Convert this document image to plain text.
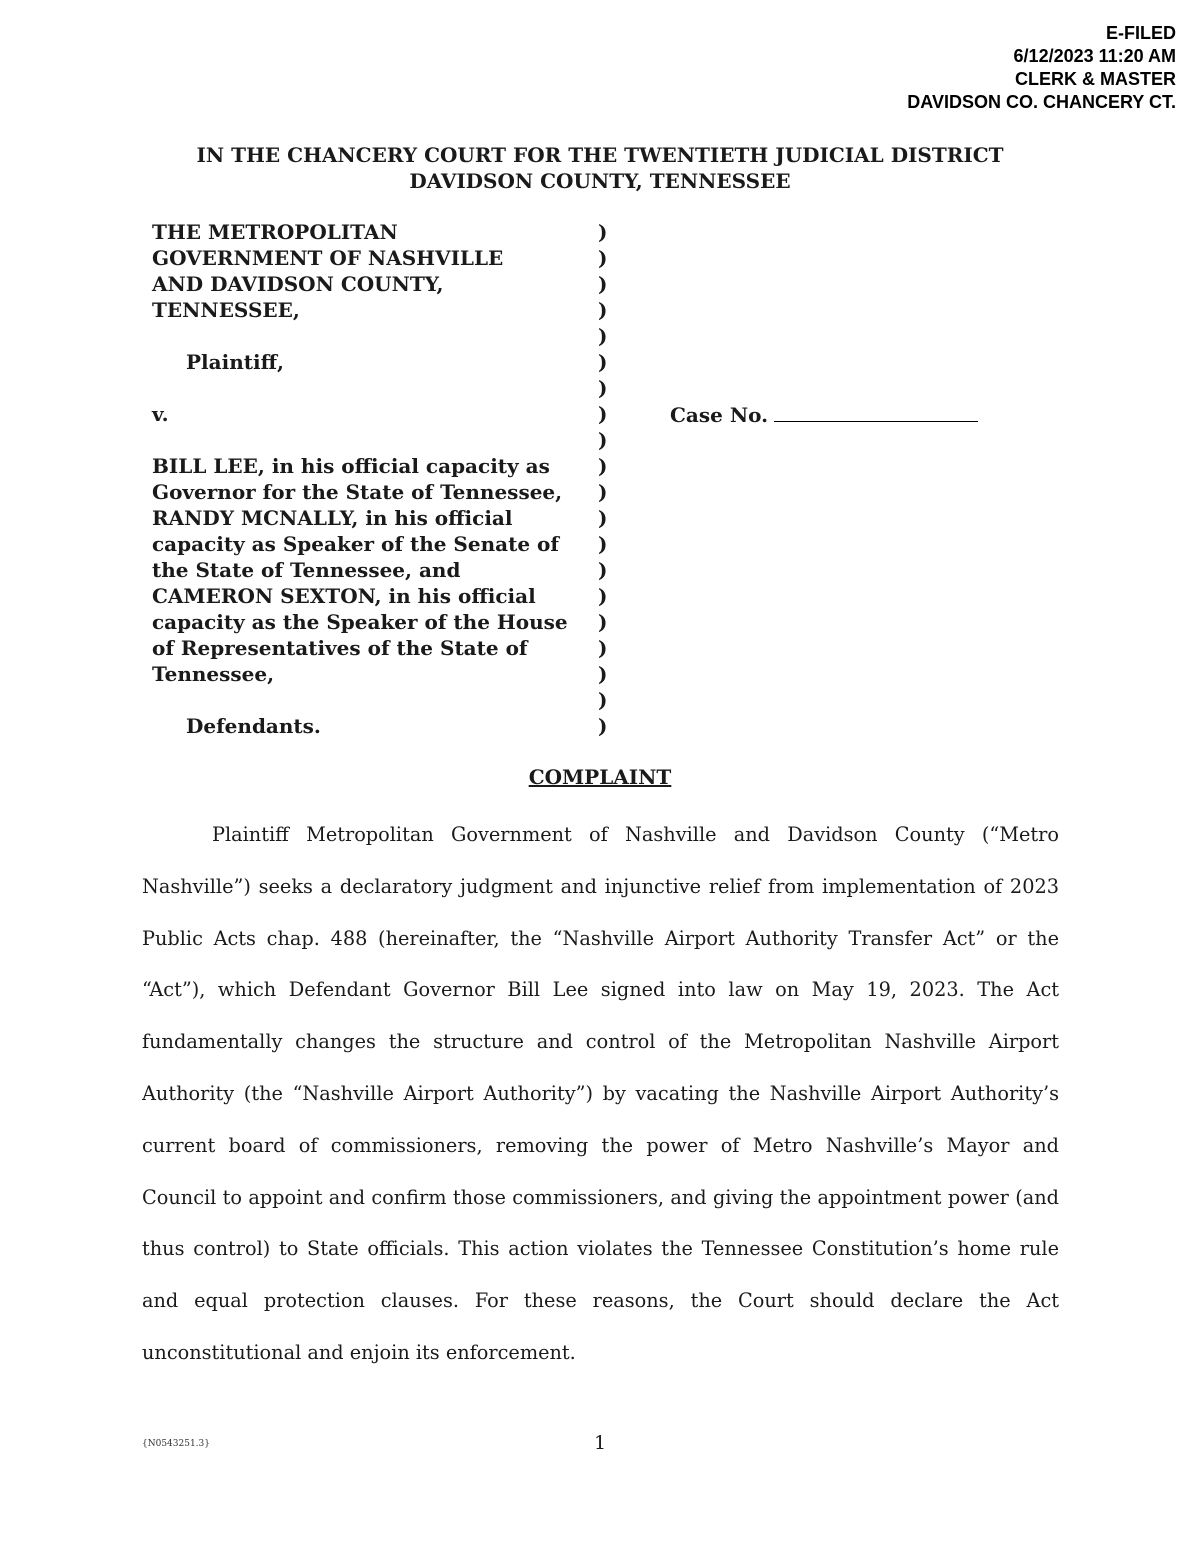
E-FILED
6/12/2023 11:20 AM
CLERK & MASTER
DAVIDSON CO. CHANCERY CT.
IN THE CHANCERY COURT FOR THE TWENTIETH JUDICIAL DISTRICT
DAVIDSON COUNTY, TENNESSEE
THE METROPOLITAN
GOVERNMENT OF NASHVILLE
AND DAVIDSON COUNTY,
TENNESSEE,
Plaintiff,
v.
BILL LEE, in his official capacity as
Governor for the State of Tennessee,
RANDY MCNALLY, in his official
capacity as Speaker of the Senate of
the State of Tennessee, and
CAMERON SEXTON, in his official
capacity as the Speaker of the House
of Representatives of the State of
Tennessee,
Defendants.
)
)
)
)
)
)
)
)
)
)
)
)
)
)
)
)
)
)
)
)
Case No.
COMPLAINT
Plaintiff Metropolitan Government of Nashville and Davidson County (“Metro Nashville”) seeks a declaratory judgment and injunctive relief from implementation of 2023 Public Acts chap. 488 (hereinafter, the “Nashville Airport Authority Transfer Act” or the “Act”), which Defendant Governor Bill Lee signed into law on May 19, 2023. The Act fundamentally changes the structure and control of the Metropolitan Nashville Airport Authority (the “Nashville Airport Authority”) by vacating the Nashville Airport Authority’s current board of commissioners, removing the power of Metro Nashville’s Mayor and Council to appoint and confirm those commissioners, and giving the appointment power (and thus control) to State officials. This action violates the Tennessee Constitution’s home rule and equal protection clauses. For these reasons, the Court should declare the Act unconstitutional and enjoin its enforcement.
{N0543251.3}	1
